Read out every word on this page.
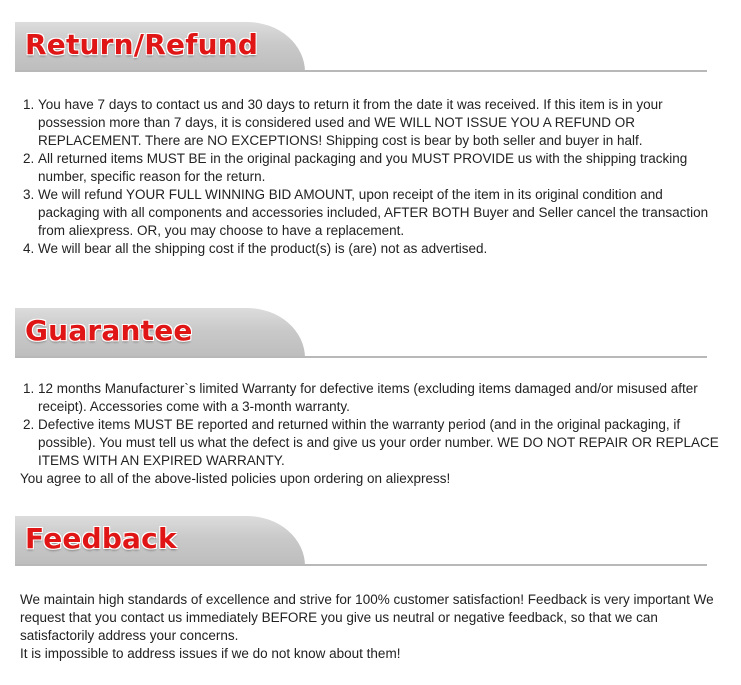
Return/Refund
1. You have 7 days to contact us and 30 days to return it from the date it was received. If this item is in your possession more than 7 days, it is considered used and WE WILL NOT ISSUE YOU A REFUND OR REPLACEMENT. There are NO EXCEPTIONS! Shipping cost is bear by both seller and buyer in half.
2. All returned items MUST BE in the original packaging and you MUST PROVIDE us with the shipping tracking number, specific reason for the return.
3. We will refund YOUR FULL WINNING BID AMOUNT, upon receipt of the item in its original condition and packaging with all components and accessories included, AFTER BOTH Buyer and Seller cancel the transaction from aliexpress. OR, you may choose to have a replacement.
4. We will bear all the shipping cost if the product(s) is (are) not as advertised.
Guarantee
1. 12 months Manufacturer`s limited Warranty for defective items (excluding items damaged and/or misused after receipt). Accessories come with a 3-month warranty.
2. Defective items MUST BE reported and returned within the warranty period (and in the original packaging, if possible). You must tell us what the defect is and give us your order number. WE DO NOT REPAIR OR REPLACE ITEMS WITH AN EXPIRED WARRANTY.

You agree to all of the above-listed policies upon ordering on aliexpress!

Feedback

We maintain high standards of excellence and strive for 100% customer satisfaction! Feedback is very important We request that you contact us immediately BEFORE you give us neutral or negative feedback, so that we can satisfactorily address your concerns.

It is impossible to address issues if we do not know about them!
